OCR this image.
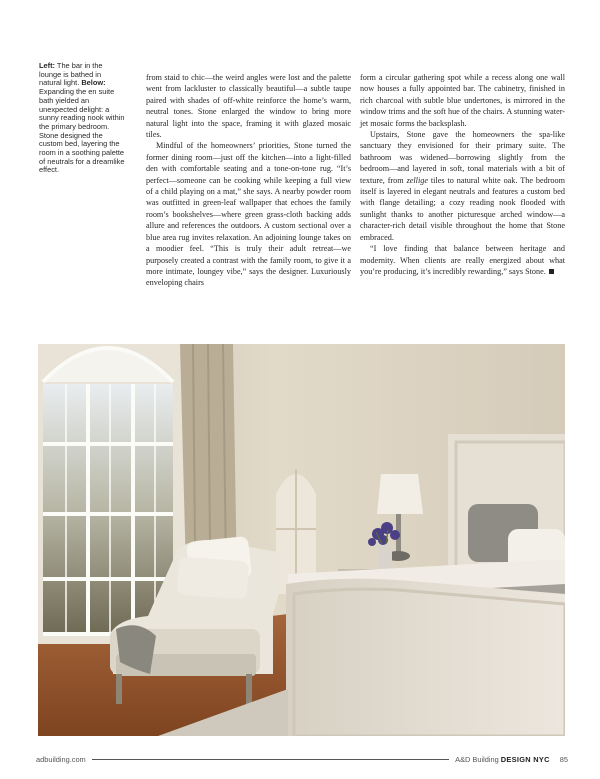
Left: The bar in the lounge is bathed in natural light. Below: Expanding the en suite bath yielded an unexpected delight: a sunny reading nook within the primary bedroom. Stone designed the custom bed, layering the room in a soothing palette of neutrals for a dreamlike effect.

from staid to chic—the weird angles were lost and the palette went from lackluster to classically beautiful—a subtle taupe paired with shades of off-white reinforce the home’s warm, neutral tones. Stone enlarged the window to bring more natural light into the space, framing it with glazed mosaic tiles.

Mindful of the homeowners’ priorities, Stone turned the former dining room—just off the kitchen—into a light-filled den with comfortable seating and a tone-on-tone rug. “It’s perfect—someone can be cooking while keeping a full view of a child playing on a mat,” she says. A nearby powder room was outfitted in green-leaf wallpaper that echoes the family room’s bookshelves—where green grass-cloth backing adds allure and references the outdoors. A custom sectional over a blue area rug invites relaxation. An adjoining lounge takes on a moodier feel. “This is truly their adult retreat—we purposely created a contrast with the family room, to give it a more intimate, loungey vibe,” says the designer. Luxuriously enveloping chairs

form a circular gathering spot while a recess along one wall now houses a fully appointed bar. The cabinetry, finished in rich charcoal with subtle blue undertones, is mirrored in the window trims and the soft hue of the chairs. A stunning water-jet mosaic forms the backsplash.

Upstairs, Stone gave the homeowners the spa-like sanctuary they envisioned for their primary suite. The bathroom was widened—borrowing slightly from the bedroom—and layered in soft, tonal materials with a bit of texture, from zellige tiles to natural white oak. The bedroom itself is layered in elegant neutrals and features a custom bed with flange detailing; a cozy reading nook flooded with sunlight thanks to another picturesque arched window—a character-rich detail visible throughout the home that Stone embraced.

“I love finding that balance between heritage and modernity. When clients are really energized about what you’re producing, it’s incredibly rewarding,” says Stone.

adbuilding.com	A&D Building DESIGN NYC 85
